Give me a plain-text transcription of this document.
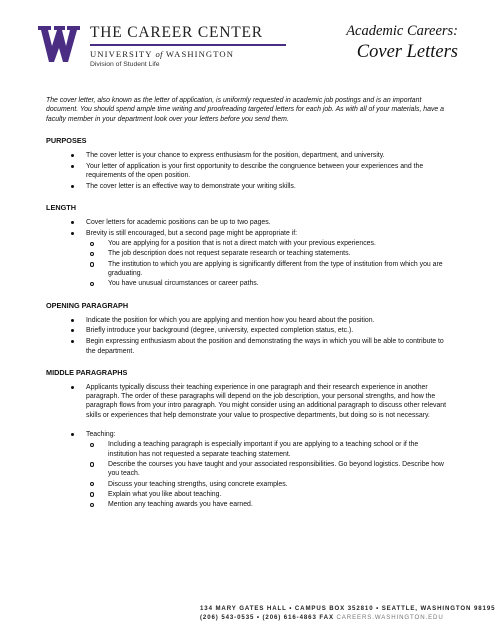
THE CAREER CENTER
UNIVERSITY of WASHINGTON
Division of Student Life
Academic Careers:
Cover Letters

The cover letter, also known as the letter of application, is uniformly requested in academic job postings and is an important document. You should spend ample time writing and proofreading targeted letters for each job. As with all of your materials, have a faculty member in your department look over your letters before you send them.

PURPOSES
The cover letter is your chance to express enthusiasm for the position, department, and university.
Your letter of application is your first opportunity to describe the congruence between your experiences and the requirements of the open position.
The cover letter is an effective way to demonstrate your writing skills.
LENGTH
Cover letters for academic positions can be up to two pages.
Brevity is still encouraged, but a second page might be appropriate if:
You are applying for a position that is not a direct match with your previous experiences.
The job description does not request separate research or teaching statements.
The institution to which you are applying is significantly different from the type of institution from which you are graduating.
You have unusual circumstances or career paths.
OPENING PARAGRAPH
Indicate the position for which you are applying and mention how you heard about the position.
Briefly introduce your background (degree, university, expected completion status, etc.).
Begin expressing enthusiasm about the position and demonstrating the ways in which you will be able to contribute to the department.
MIDDLE PARAGRAPHS
Applicants typically discuss their teaching experience in one paragraph and their research experience in another paragraph. The order of these paragraphs will depend on the job description, your personal strengths, and how the paragraph flows from your intro paragraph. You might consider using an additional paragraph to discuss other relevant skills or experiences that help demonstrate your value to prospective departments, but doing so is not necessary.
Teaching:
Including a teaching paragraph is especially important if you are applying to a teaching school or if the institution has not requested a separate teaching statement.
Describe the courses you have taught and your associated responsibilities. Go beyond logistics. Describe how you teach.
Discuss your teaching strengths, using concrete examples.
Explain what you like about teaching.
Mention any teaching awards you have earned.
134 MARY GATES HALL • CAMPUS BOX 352810 • SEATTLE, WASHINGTON 98195
(206) 543-0535 • (206) 616-4863 FAX CAREERS.WASHINGTON.EDU
